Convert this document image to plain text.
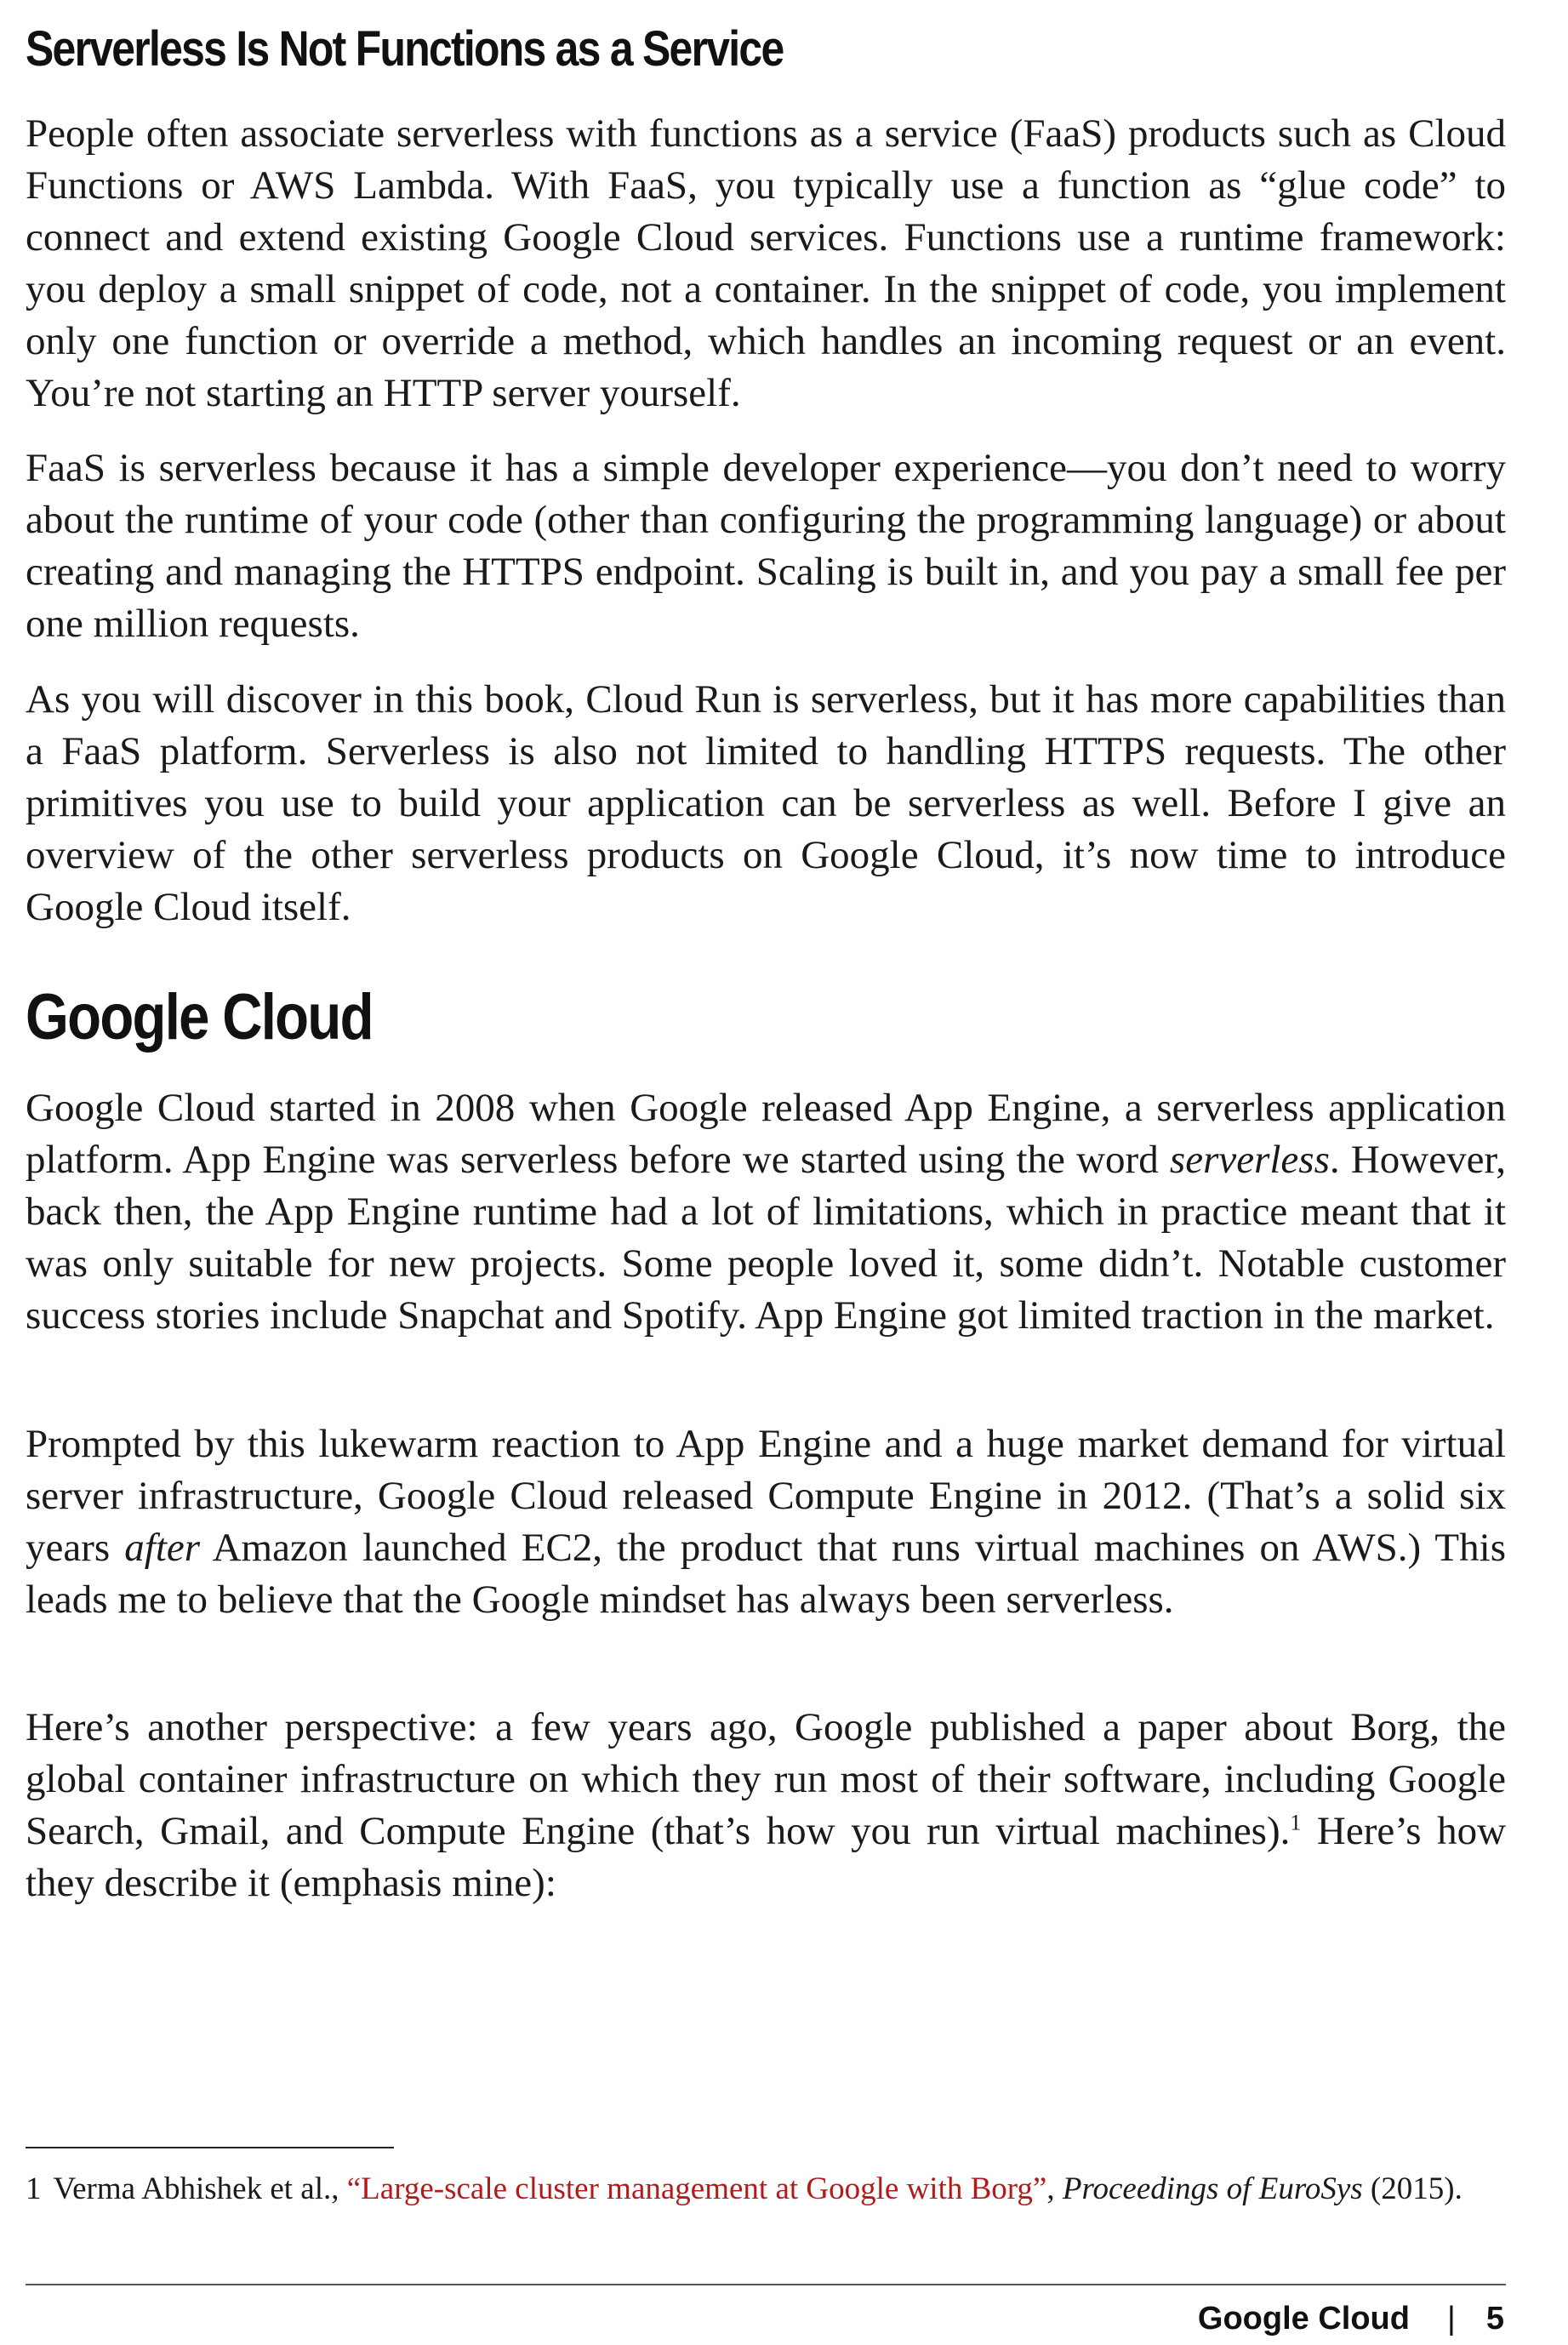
Serverless Is Not Functions as a Service

People often associate serverless with functions as a service (FaaS) products such as Cloud Functions or AWS Lambda. With FaaS, you typically use a function as “glue code” to connect and extend existing Google Cloud services. Functions use a runtime framework: you deploy a small snippet of code, not a container. In the snippet of code, you implement only one function or override a method, which handles an incoming request or an event. You’re not starting an HTTP server yourself.

FaaS is serverless because it has a simple developer experience—you don’t need to worry about the runtime of your code (other than configuring the programming language) or about creating and managing the HTTPS endpoint. Scaling is built in, and you pay a small fee per one million requests.

As you will discover in this book, Cloud Run is serverless, but it has more capabilities than a FaaS platform. Serverless is also not limited to handling HTTPS requests. The other primitives you use to build your application can be serverless as well. Before I give an overview of the other serverless products on Google Cloud, it’s now time to introduce Google Cloud itself.

Google Cloud

Google Cloud started in 2008 when Google released App Engine, a serverless application platform. App Engine was serverless before we started using the word serverless. However, back then, the App Engine runtime had a lot of limitations, which in practice meant that it was only suitable for new projects. Some people loved it, some didn’t. Notable customer success stories include Snapchat and Spotify. App Engine got limited traction in the market.

Prompted by this lukewarm reaction to App Engine and a huge market demand for virtual server infrastructure, Google Cloud released Compute Engine in 2012. (That’s a solid six years after Amazon launched EC2, the product that runs virtual machines on AWS.) This leads me to believe that the Google mindset has always been serverless.

Here’s another perspective: a few years ago, Google published a paper about Borg, the global container infrastructure on which they run most of their software, including Google Search, Gmail, and Compute Engine (that’s how you run virtual machines).$^1$ Here’s how they describe it (emphasis mine):

1 Verma Abhishek et al., “Large-scale cluster management at Google with Borg”, Proceedings of EuroSys (2015).
Google Cloud | 5
